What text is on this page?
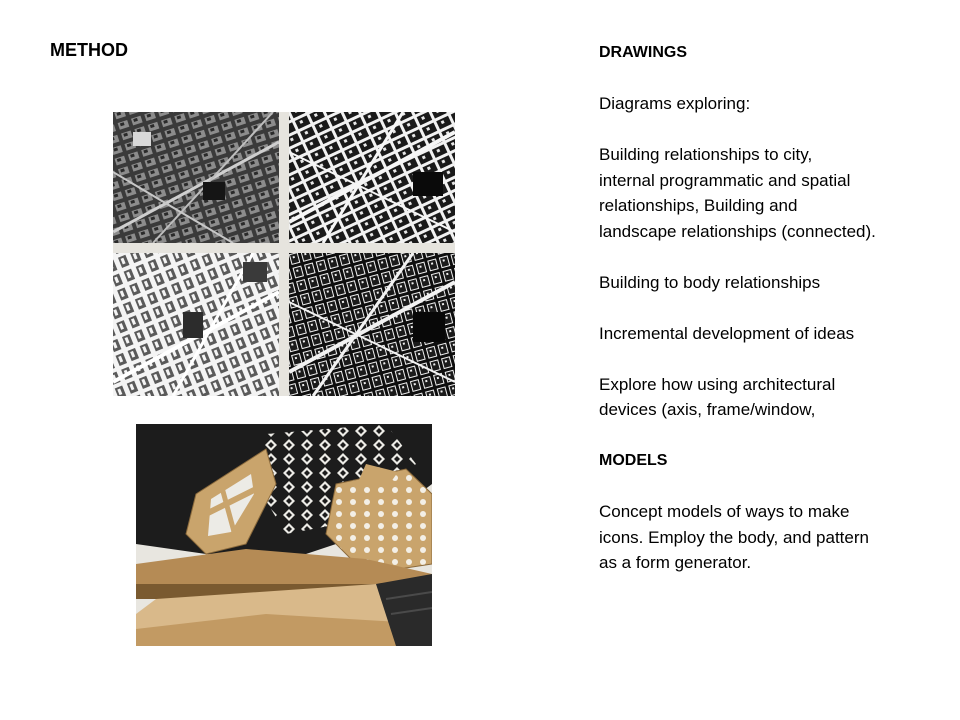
METHOD	DRAWINGS

Diagrams exploring:

Building relationships to city,

internal programmatic and spatial

relationships, Building and

landscape relationships (connected).

Building to body relationships

Incremental development of ideas

Explore how using architectural

devices (axis, frame/window,

MODELS

Concept models of ways to make

icons. Employ the body, and pattern

as a form generator.
